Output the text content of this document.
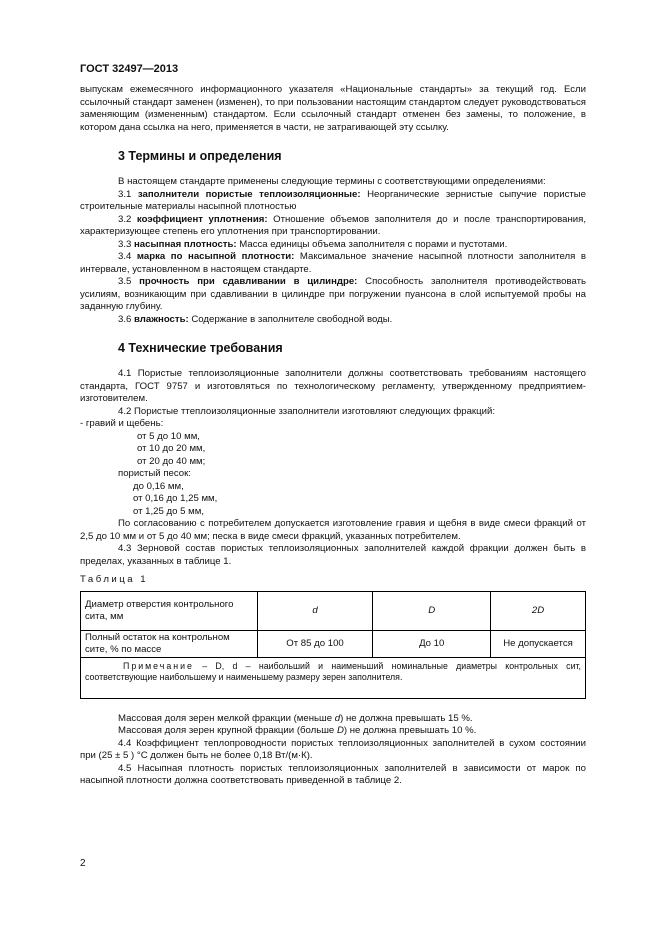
ГОСТ 32497—2013

выпускам ежемесячного информационного указателя «Национальные стандарты» за текущий год. Если ссылочный стандарт заменен (изменен), то при пользовании настоящим стандартом следует руководствоваться заменяющим (измененным) стандартом. Если ссылочный стандарт отменен без замены, то положение, в котором дана ссылка на него, применяется в части, не затрагивающей эту ссылку.

3 Термины и определения

В настоящем стандарте применены следующие термины с соответствующими определениями:

3.1 заполнители пористые теплоизоляционные: Неорганические зернистые сыпучие пористые строительные материалы насыпной плотностью

3.2 коэффициент уплотнения: Отношение объемов заполнителя до и после транспортирования, характеризующее степень его уплотнения при транспортировании.

3.3 насыпная плотность: Масса единицы объема заполнителя с порами и пустотами.

3.4 марка по насыпной плотности: Максимальное значение насыпной плотности заполнителя в интервале, установленном в настоящем стандарте.

3.5 прочность при сдавливании в цилиндре: Способность заполнителя противодействовать усилиям, возникающим при сдавливании в цилиндре при погружении пуансона в слой испытуемой пробы на заданную глубину.

3.6 влажность: Содержание в заполнителе свободной воды.

4 Технические требования

4.1 Пористые теплоизоляционные заполнители должны соответствовать требованиям настоящего стандарта, ГОСТ 9757 и изготовляться по технологическому регламенту, утвержденному предприятием-изготовителем.

4.2 Пористые ттеплоизоляционные ззаполнители изготовляют следующих фракций:

- гравий и щебень:

от 5 до 10 мм,

от 10 до 20 мм,

от 20 до 40 мм;

пористый песок:

до 0,16 мм,

от 0,16 до 1,25 мм,

от 1,25 до 5 мм,

По согласованию с потребителем допускается изготовление гравия и щебня в виде смеси фракций от 2,5 до 10 мм и от 5 до 40 мм; песка в виде смеси фракций, указанных потребителем.

4.3 Зерновой состав пористых теплоизоляционных заполнителей каждой фракции должен быть в пределах, указанных в таблице 1.

Таблица 1

Диаметр отверстия контрольного сита, мм	d	D	2D
Полный остаток на контрольном сите, % по массе	От 85 до 100	До 10	Не допускается
Примечание – D, d – наибольший и наименьший номинальные диаметры контрольных сит, соответствующие наибольшему и наименьшему размеру зерен заполнителя.			

Массовая доля зерен мелкой фракции (меньше d) не должна превышать 15 %.

Массовая доля зерен крупной фракции (больше D) не должна превышать 10 %.

4.4 Коэффициент теплопроводности пористых теплоизоляционных заполнителей в сухом состоянии при (25 ± 5 ) °С должен быть не более 0,18 Вт/(м·К).

4.5 Насыпная плотность пористых теплоизоляционных заполнителей в зависимости от марок по насыпной плотности должна соответствовать приведенной в таблице 2.

2
